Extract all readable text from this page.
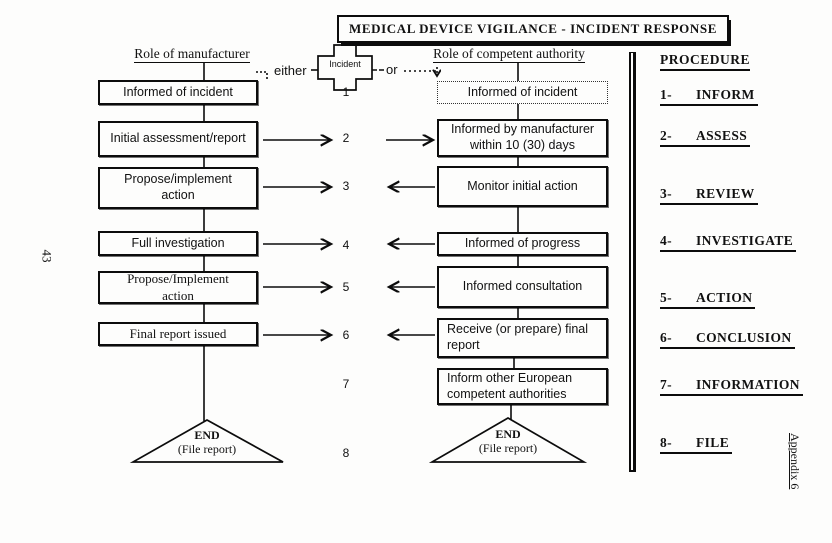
MEDICAL DEVICE VIGILANCE - INCIDENT RESPONSE
Role of manufacturer	Role of competent authority	PROCEDURE
either	Incident	or
Informed of incident
Initial assessment/report
Propose/implement action
Full investigation
Propose/Implement action
Final report issued
Informed of incident
Informed by manufacturer within 10 (30) days
Monitor initial action
Informed of progress
Informed consultation
Receive (or prepare) final report
Inform other European competent authorities
1
2
3
4
5
6
7
8
END
(File report)
END
(File report)
1- INFORM
2- ASSESS
3- REVIEW
4- INVESTIGATE
5- ACTION
6- CONCLUSION
7- INFORMATION
8- FILE
43
Appendix 6
